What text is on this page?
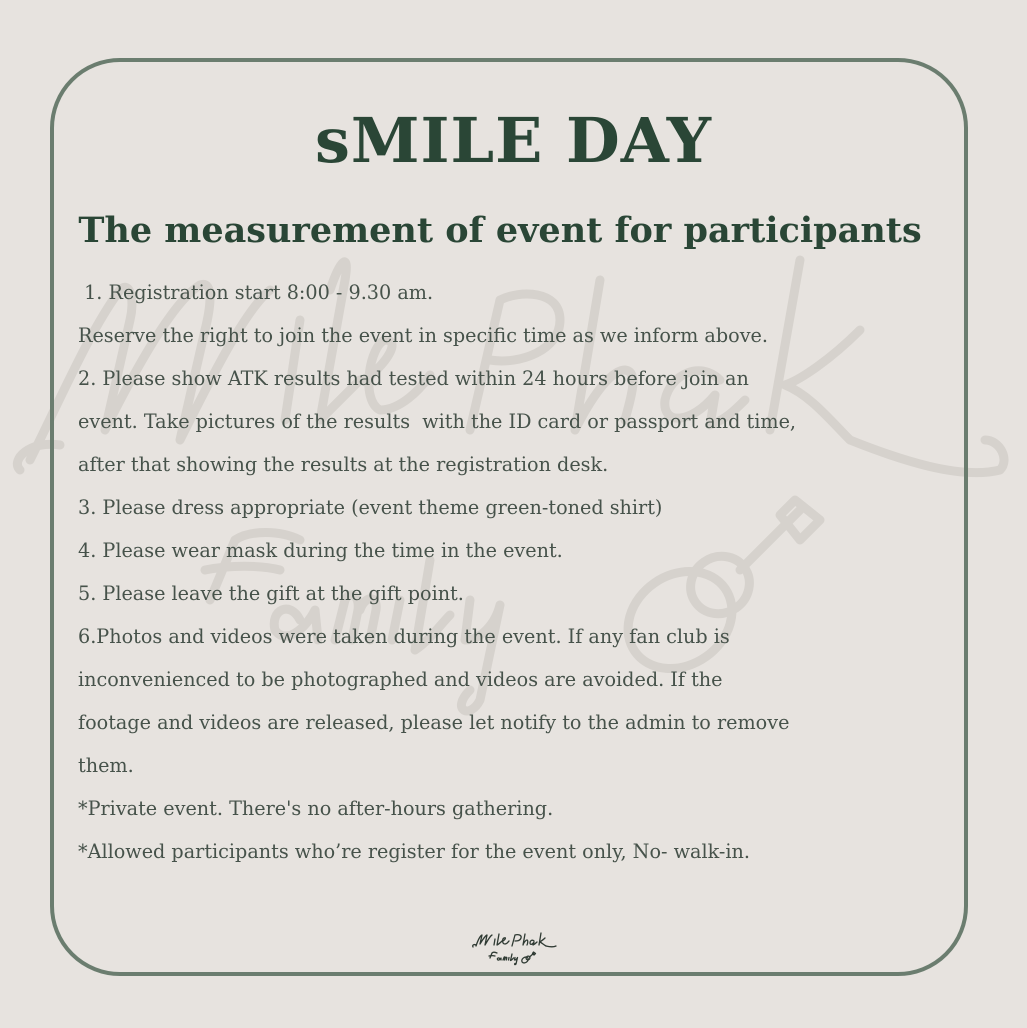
sMILE DAY
The measurement of event for participants
1. Registration start 8:00 - 9.30 am.
Reserve the right to join the event in specific time as we inform above.
2. Please show ATK results had tested within 24 hours before join an
event. Take pictures of the results  with the ID card or passport and time,
after that showing the results at the registration desk.
3. Please dress appropriate (event theme green-toned shirt)
4. Please wear mask during the time in the event.
5. Please leave the gift at the gift point.
6.Photos and videos were taken during the event. If any fan club is
inconvenienced to be photographed and videos are avoided. If the
footage and videos are released, please let notify to the admin to remove
them.
*Private event. There's no after-hours gathering.
*Allowed participants who’re register for the event only, No- walk-in.
